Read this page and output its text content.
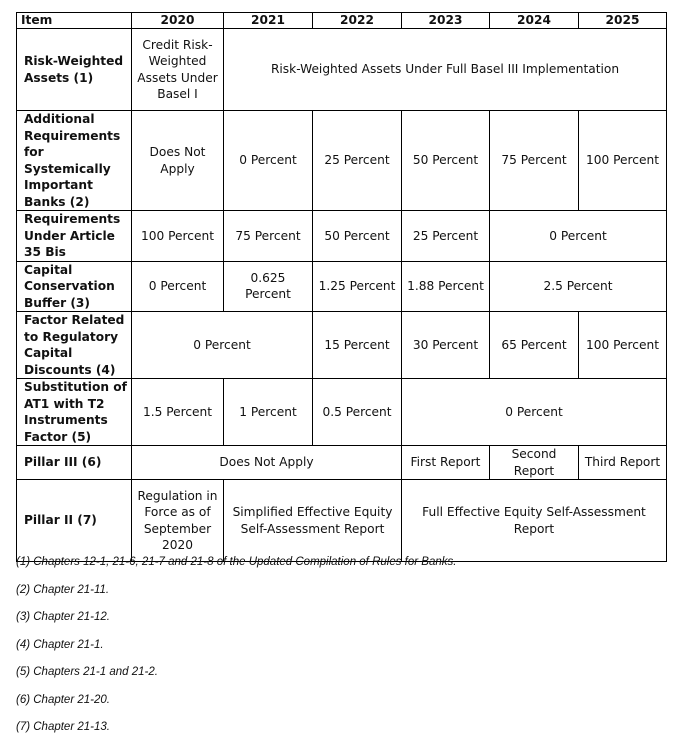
Item	2020	2021	2022	2023	2024	2025
Risk-Weighted Assets (1)	Credit Risk-Weighted Assets Under Basel I	Risk-Weighted Assets Under Full Basel III Implementation				
Additional Requirements for Systemically Important Banks (2)	Does Not Apply	0 Percent	25 Percent	50 Percent	75 Percent	100 Percent
Requirements Under Article 35 Bis	100 Percent	75 Percent	50 Percent	25 Percent	0 Percent	
Capital Conservation Buffer (3)	0 Percent	0.625 Percent	1.25 Percent	1.88 Percent	2.5 Percent	
Factor Related to Regulatory Capital Discounts (4)	0 Percent		15 Percent	30 Percent	65 Percent	100 Percent
Substitution of AT1 with T2 Instruments Factor (5)	1.5 Percent	1 Percent	0.5 Percent	0 Percent		
Pillar III (6)	Does Not Apply			First Report	Second Report	Third Report
Pillar II (7)	Regulation in Force as of September 2020	Simplified Effective Equity Self-Assessment Report		Full Effective Equity Self-Assessment Report		

(1) Chapters 12-1, 21-6, 21-7 and 21-8 of the Updated Compilation of Rules for Banks.

(2) Chapter 21-11.

(3) Chapter 21-12.

(4) Chapter 21-1.

(5) Chapters 21-1 and 21-2.

(6) Chapter 21-20.

(7) Chapter 21-13.
